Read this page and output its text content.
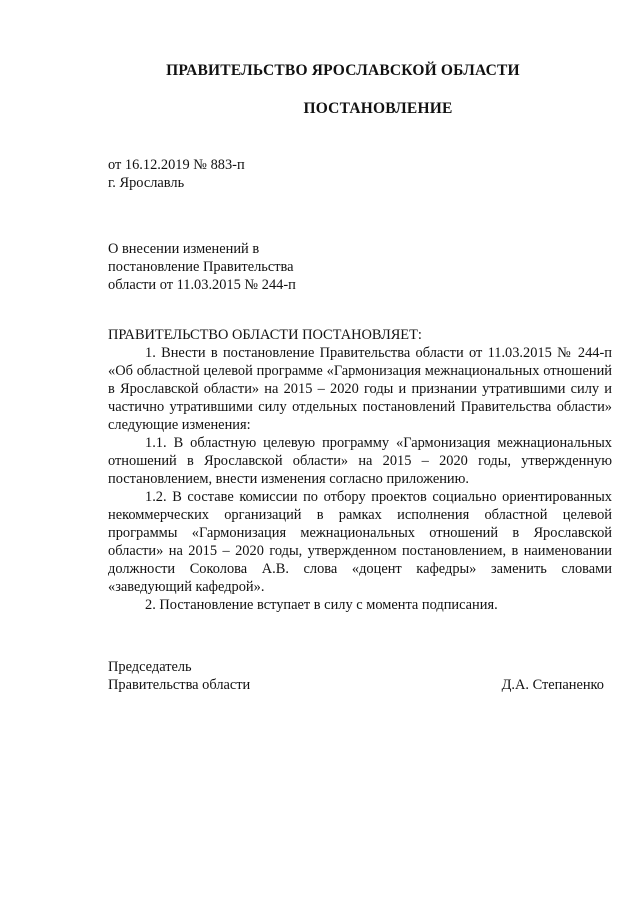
ПРАВИТЕЛЬСТВО ЯРОСЛАВСКОЙ ОБЛАСТИ
ПОСТАНОВЛЕНИЕ
от 16.12.2019 № 883-п
г. Ярославль
О внесении изменений в
постановление Правительства
области от 11.03.2015 № 244-п

ПРАВИТЕЛЬСТВО ОБЛАСТИ ПОСТАНОВЛЯЕТ:

1. Внести в постановление Правительства области от 11.03.2015 № 244-п «Об областной целевой программе «Гармонизация межнациональных отношений в Ярославской области» на 2015 – 2020 годы и признании утратившими силу и частично утратившими силу отдельных постановлений Правительства области» следующие изменения:

1.1. В областную целевую программу «Гармонизация межнациональных отношений в Ярославской области» на 2015 – 2020 годы, утвержденную постановлением, внести изменения согласно приложению.

1.2. В составе комиссии по отбору проектов социально ориентированных некоммерческих организаций в рамках исполнения областной целевой программы «Гармонизация межнациональных отношений в Ярославской области» на 2015 – 2020 годы, утвержденном постановлением, в наименовании должности Соколова А.В. слова «доцент кафедры» заменить словами «заведующий кафедрой».

2. Постановление вступает в силу с момента подписания.

Председатель
Правительства области	Д.А. Степаненко
